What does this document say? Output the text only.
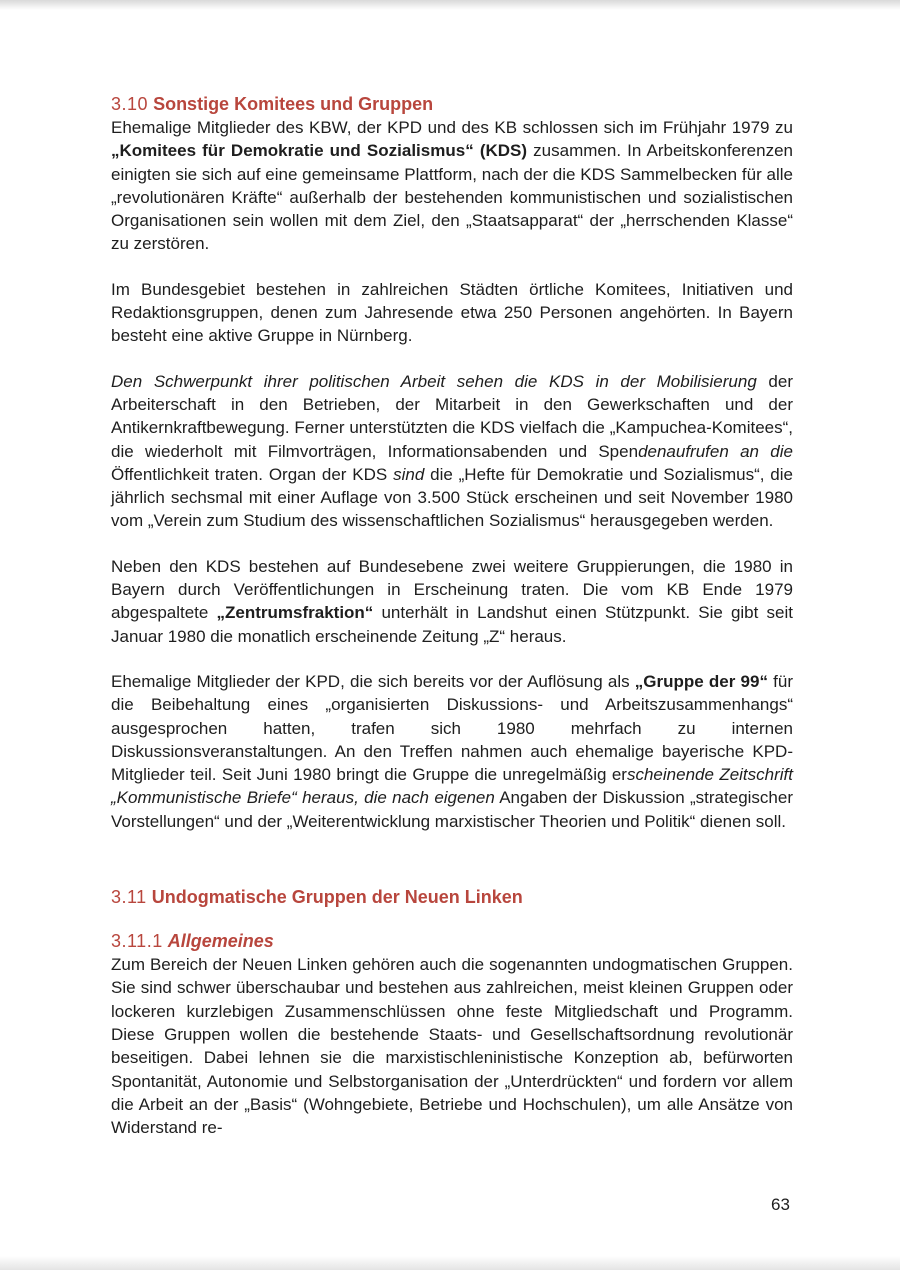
3.10 Sonstige Komitees und Gruppen

Ehemalige Mitglieder des KBW, der KPD und des KB schlossen sich im Frühjahr 1979 zu „Komitees für Demokratie und Sozialismus“ (KDS) zusammen. In Arbeitskonferenzen einigten sie sich auf eine gemeinsame Plattform, nach der die KDS Sammelbecken für alle „revolutionären Kräfte“ außerhalb der bestehenden kommunistischen und sozialistischen Organisationen sein wollen mit dem Ziel, den „Staatsapparat“ der „herrschenden Klasse“ zu zerstören.

Im Bundesgebiet bestehen in zahlreichen Städten örtliche Komitees, Initiativen und Redaktionsgruppen, denen zum Jahresende etwa 250 Personen angehörten. In Bayern besteht eine aktive Gruppe in Nürnberg.

Den Schwerpunkt ihrer politischen Arbeit sehen die KDS in der Mobilisierung der Arbeiterschaft in den Betrieben, der Mitarbeit in den Gewerkschaften und der Antikernkraftbewegung. Ferner unterstützten die KDS vielfach die „Kampuchea-Komitees“, die wiederholt mit Filmvorträgen, Informationsabenden und Spendenaufrufen an die Öffentlichkeit traten. Organ der KDS sind die „Hefte für Demokratie und Sozialismus“, die jährlich sechsmal mit einer Auflage von 3.500 Stück erscheinen und seit November 1980 vom „Verein zum Studium des wissenschaftlichen Sozialismus“ herausgegeben werden.

Neben den KDS bestehen auf Bundesebene zwei weitere Gruppierungen, die 1980 in Bayern durch Veröffentlichungen in Erscheinung traten. Die vom KB Ende 1979 abgespaltete „Zentrumsfraktion“ unterhält in Landshut einen Stützpunkt. Sie gibt seit Januar 1980 die monatlich erscheinende Zeitung „Z“ heraus.

Ehemalige Mitglieder der KPD, die sich bereits vor der Auflösung als „Gruppe der 99“ für die Beibehaltung eines „organisierten Diskussions- und Arbeitszusammenhangs“ ausgesprochen hatten, trafen sich 1980 mehrfach zu internen Diskussionsveranstaltungen. An den Treffen nahmen auch ehemalige bayerische KPD-Mitglieder teil. Seit Juni 1980 bringt die Gruppe die unregelmäßig erscheinende Zeitschrift „Kommunistische Briefe“ heraus, die nach eigenen Angaben der Diskussion „strategischer Vorstellungen“ und der „Weiterentwicklung marxistischer Theorien und Politik“ dienen soll.

3.11 Undogmatische Gruppen der Neuen Linken
3.11.1 Allgemeines

Zum Bereich der Neuen Linken gehören auch die sogenannten undogmatischen Gruppen. Sie sind schwer überschaubar und bestehen aus zahlreichen, meist kleinen Gruppen oder lockeren kurzlebigen Zusammenschlüssen ohne feste Mitgliedschaft und Programm. Diese Gruppen wollen die bestehende Staats- und Gesellschaftsordnung revolutionär beseitigen. Dabei lehnen sie die marxistischleninistische Konzeption ab, befürworten Spontanität, Autonomie und Selbstorganisation der „Unterdrückten“ und fordern vor allem die Arbeit an der „Basis“ (Wohngebiete, Betriebe und Hochschulen), um alle Ansätze von Widerstand re-

63
